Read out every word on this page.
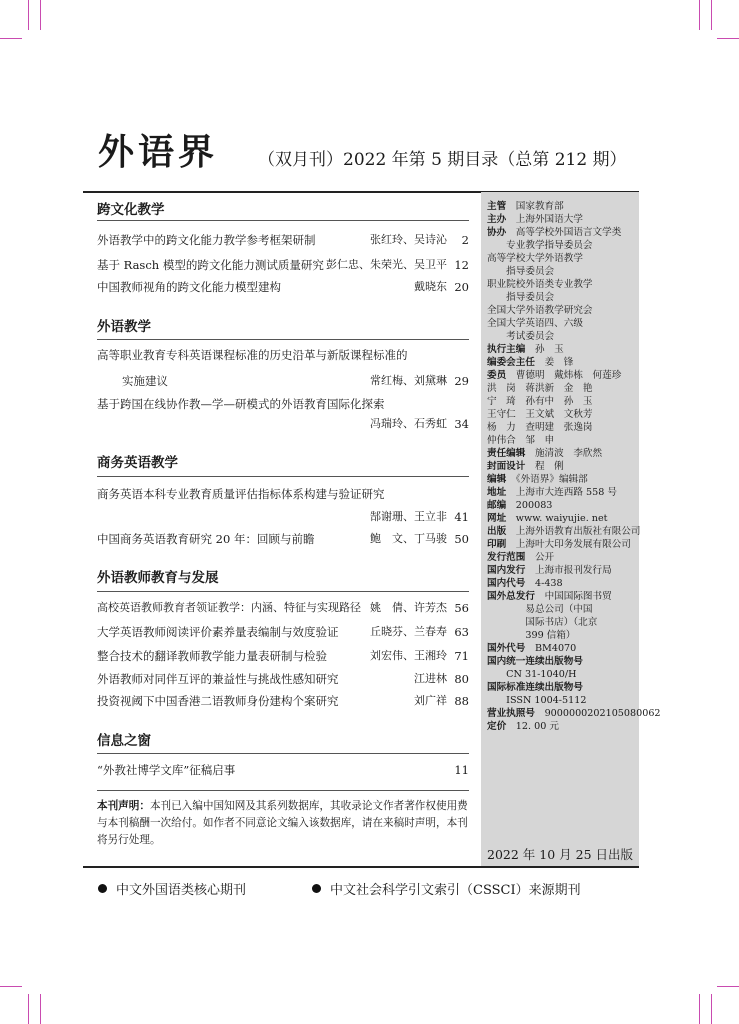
外语界 （双月刊）2022 年第 5 期目录（总第 212 期）
跨文化教学
外语教学中的跨文化能力教学参考框架研制	张红玲、吴诗沁 2
基于 Rasch 模型的跨文化能力测试质量研究 彭仁忠、朱荣光、吴卫平 12
中国教师视角的跨文化能力模型建构	戴晓东 20
外语教学
高等职业教育专科英语课程标准的历史沿革与新版课程标准的
实施建议	常红梅、刘黛琳 29
基于跨国在线协作教—学—研模式的外语教育国际化探索
冯瑞玲、石秀虹 34
商务英语教学
商务英语本科专业教育质量评估指标体系构建与验证研究
郜谢珊、王立非 41
中国商务英语教育研究 20 年：回顾与前瞻	鲍　文、丁马骏 50
外语教师教育与发展
高校英语教师教育者领证教学：内涵、特征与实现路径 姚　倩、许芳杰 56
大学英语教师阅读评价素养量表编制与效度验证	丘晓芬、兰春寿 63
整合技术的翻译教师教学能力量表研制与检验	刘宏伟、王湘玲 71
外语教师对同伴互评的兼益性与挑战性感知研究	江进林 80
投资视阈下中国香港二语教师身份建构个案研究	刘广祥 88
信息之窗
“外教社博学文库”征稿启事	11
本刊声明：本刊已入编中国知网及其系列数据库，其收录论文作者著作权使用费与本刊稿酬一次给付。如作者不同意论文编入该数据库，请在来稿时声明，本刊将另行处理。
主管　 国家教育部
主办　 上海外国语大学
协办　 高等学校外国语言文学类
　　专业教学指导委员会
高等学校大学外语教学
　　指导委员会
职业院校外语类专业教学
　　指导委员会
全国大学外语教学研究会
全国大学英语四、六级
　　考试委员会
执行主编　 孙　玉
编委会主任　 姜　锋
委员　 曹德明　戴炜栋　何莲珍
洪　岗　蒋洪新　金　艳
宁　琦　孙有中　孙　玉
王守仁　王文斌　文秋芳
杨　力　查明建　张逸岗
仲伟合　邹　申
责任编辑　 施清波　李欣然
封面设计　 程　俐
编辑　 《外语界》编辑部
地址　 上海市大连西路 558 号
邮编　 200083
网址　 www. waiyujie. net
出版　 上海外语教育出版社有限公司
印刷　 上海叶大印务发展有限公司
发行范围　 公开
国内发行　 上海市报刊发行局
国内代号　 4-438
国外总发行　 中国国际图书贸
　　　　易总公司（中国
　　　　国际书店）（北京
　　　　399 信箱）
国外代号　 BM4070
国内统一连续出版物号　
　　CN 31-1040/H
国际标准连续出版物号　
　　ISSN 1004-5112
营业执照号　 9000000202105080062
定价　 12. 00 元
2022 年 10 月 25 日出版
中文外国语类核心期刊	中文社会科学引文索引（CSSCI）来源期刊
